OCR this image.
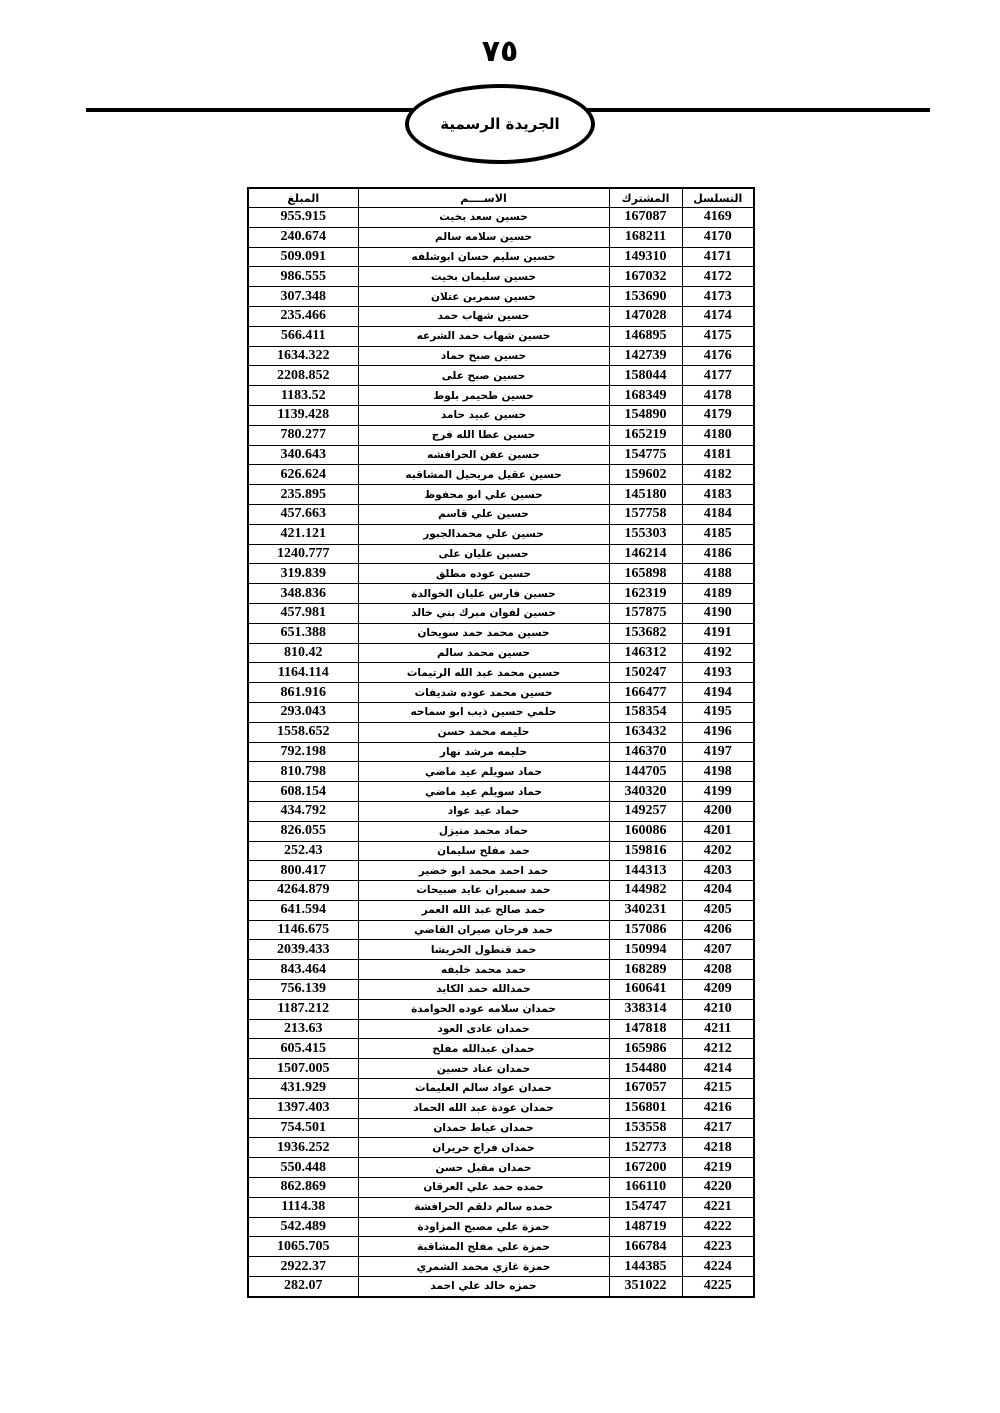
٧٥
الجريدة الرسمية
التسلسل	المشترك	الاســــم	المبلغ
4169	167087	حسين سعد بخيت	955.915
4170	168211	حسين سلامه سالم	240.674
4171	149310	حسين سليم حسان ابوشلفه	509.091
4172	167032	حسين سليمان بخيت	986.555
4173	153690	حسين سمرين عتلان	307.348
4174	147028	حسين شهاب حمد	235.466
4175	146895	حسين شهاب حمد الشرعه	566.411
4176	142739	حسين صبح حماد	1634.322
4177	158044	حسين صبح على	2208.852
4178	168349	حسين طحيمر بلوط	1183.52
4179	154890	حسين عبيد حامد	1139.428
4180	165219	حسين عطا الله فرج	780.277
4181	154775	حسين عفن الحرافشه	340.643
4182	159602	حسين عقيل مريحيل المشاقبه	626.624
4183	145180	حسين علي ابو محفوظ	235.895
4184	157758	حسين علي قاسم	457.663
4185	155303	حسين علي محمدالجبور	421.121
4186	146214	حسين عليان على	1240.777
4188	165898	حسين عوده مطلق	319.839
4189	162319	حسين فارس عليان الخوالدة	348.836
4190	157875	حسين لفوان مبرك بني خالد	457.981
4191	153682	حسين محمد حمد سويحان	651.388
4192	146312	حسين محمد سالم	810.42
4193	150247	حسين محمد عبد الله الرتيمات	1164.114
4194	166477	حسين محمد عوده شديفات	861.916
4195	158354	حلمي حسين ذيب ابو سماحه	293.043
4196	163432	حليمه محمد حسن	1558.652
4197	146370	حليمه مرشد نهار	792.198
4198	144705	حماد سويلم عيد ماضي	810.798
4199	340320	حماد سويلم عيد ماضي	608.154
4200	149257	حماد عيد عواد	434.792
4201	160086	حماد محمد منيزل	826.055
4202	159816	حمد مفلح سليمان	252.43
4203	144313	حمد احمد محمد ابو خضير	800.417
4204	144982	حمد سميران عايد صبيحات	4264.879
4205	340231	حمد صالح عبد الله العمر	641.594
4206	157086	حمد فرحان صيران القاضي	1146.675
4207	150994	حمد قنطول الخريشا	2039.433
4208	168289	حمد محمد خليفه	843.464
4209	160641	حمدالله حمد الكايد	756.139
4210	338314	حمدان سلامه عوده الحوامدة	1187.212
4211	147818	حمدان عادى العود	213.63
4212	165986	حمدان عبدالله مفلح	605.415
4214	154480	حمدان عناد حسين	1507.005
4215	167057	حمدان عواد سالم العليمات	431.929
4216	156801	حمدان عودة عبد الله الحماد	1397.403
4217	153558	حمدان عياط حمدان	754.501
4218	152773	حمدان فراج حريران	1936.252
4219	167200	حمدان مقبل حسن	550.448
4220	166110	حمده حمد علي العرقان	862.869
4221	154747	حمده سالم دلقم الحرافشة	1114.38
4222	148719	حمزة علي مصبح المزاودة	542.489
4223	166784	حمزة علي مفلح المشاقبة	1065.705
4224	144385	حمزة غازي محمد الشمري	2922.37
4225	351022	حمزه خالد علي احمد	282.07
